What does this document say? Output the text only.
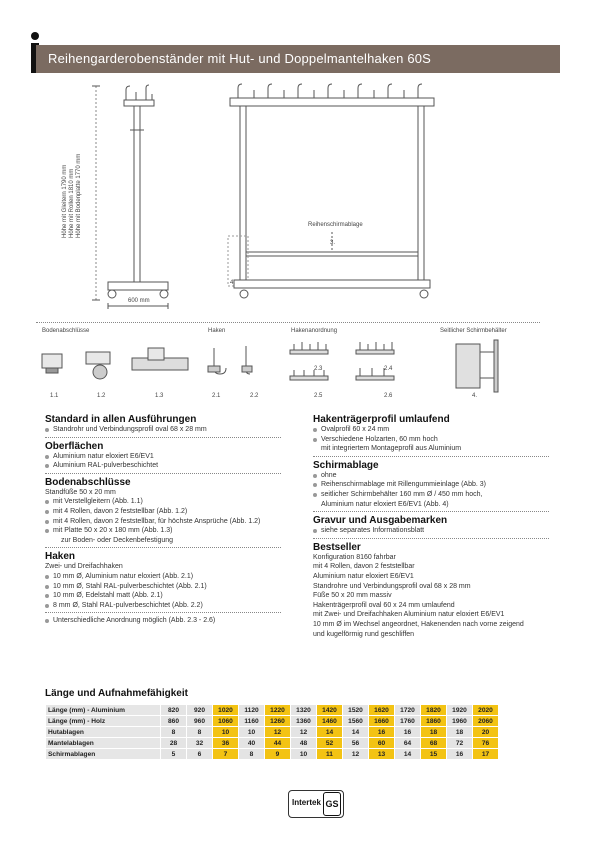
Reihengarderobenständer mit Hut- und Doppelmantelhaken 60S
Höhe mit Gleitern 1790 mm Höhe mit Rollen 1810 mm Höhe mit Bodenplatte 1770 mm
600 mm
Reihenschirmablage
3.
4.
Bodenabschlüsse	Haken	Hakenanordnung	Seitlicher Schirmbehälter
1.1	1.2	1.3	2.1	2.2
2.3	2.4
2.5	2.6	4.
Standard in allen Ausführungen
Standrohr und Verbindungsprofil oval 68 x 28 mm
Oberflächen
Aluminium natur eloxiert E6/EV1
Aluminium RAL-pulverbeschichtet
Bodenabschlüsse
Standfüße 50 x 20 mm
mit Verstellgleitern (Abb. 1.1)
mit 4 Rollen, davon 2 feststellbar (Abb. 1.2)
mit 4 Rollen, davon 2 feststellbar, für höchste Ansprüche (Abb. 1.2)
mit Platte 50 x 20 x 180 mm (Abb. 1.3)
zur Boden- oder Deckenbefestigung
Haken
Zwei- und Dreifachhaken
10 mm Ø, Aluminium natur eloxiert (Abb. 2.1)
10 mm Ø, Stahl RAL-pulverbeschichtet (Abb. 2.1)
10 mm Ø, Edelstahl matt (Abb. 2.1)
8 mm Ø, Stahl RAL-pulverbeschichtet (Abb. 2.2)
Unterschiedliche Anordnung möglich (Abb. 2.3 - 2.6)
Hakenträgerprofil umlaufend
Ovalprofil 60 x 24 mm
Verschiedene Holzarten, 60 mm hoch
mit integriertem Montageprofil aus Aluminium
Schirmablage
ohne
Reihenschirmablage mit Rillengummieinlage (Abb. 3)
seitlicher Schirmbehälter 160 mm Ø / 450 mm hoch,
Aluminium natur eloxiert E6/EV1 (Abb. 4)
Gravur und Ausgabemarken
siehe separates Informationsblatt
Bestseller
Konfiguration 8160 fahrbar
mit 4 Rollen, davon 2 feststellbar
Aluminium natur eloxiert E6/EV1
Standrohre und Verbindungsprofil oval 68 x 28 mm
Füße 50 x 20 mm massiv
Hakenträgerprofil oval 60 x 24 mm umlaufend
mit Zwei- und Dreifachhaken Aluminium natur eloxiert E6/EV1
10 mm Ø im Wechsel angeordnet, Hakenenden nach vorne zeigend
und kugelförmig rund geschliffen
Länge und Aufnahmefähigkeit
Länge (mm) - Aluminium	820	920	1020	1120	1220	1320	1420	1520	1620	1720	1820	1920	2020
Länge (mm) - Holz	860	960	1060	1160	1260	1360	1460	1560	1660	1760	1860	1960	2060
Hutablagen	8	8	10	10	12	12	14	14	16	16	18	18	20
Mantelablagen	28	32	36	40	44	48	52	56	60	64	68	72	76
Schirmablagen	5	6	7	8	9	10	11	12	13	14	15	16	17
Intertek GS
